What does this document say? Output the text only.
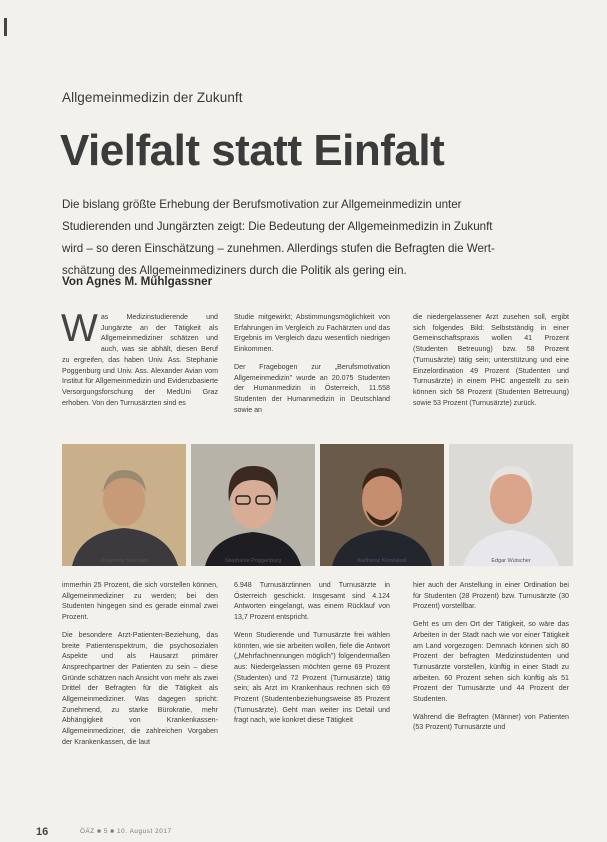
Allgemeinmedizin der Zukunft
Vielfalt statt Einfalt

Die bislang größte Erhebung der Berufsmotivation zur Allgemeinmedizin unter

Studierenden und Jungärzten zeigt: Die Bedeutung der Allgemeinmedizin in Zukunft

wird – so deren Einschätzung – zunehmen. Allerdings stufen die Befragten die Wert-

schätzung des Allgemeinmediziners durch die Politik als gering ein.

Von Agnes M. Mühlgassner

Was Medizinstudierende und Jungärzte an der Tätigkeit als Allgemeinmediziner schätzen und auch, was sie abhält, diesen Beruf zu ergreifen, das haben Univ. Ass. Stephanie Poggenburg und Univ. Ass. Alexander Avian vom Institut für Allgemeinmedizin und Evidenzbasierte Versorgungsforschung der MedUni Graz erhoben. Von den Turnusärzten sind es

Studie mitgewirkt; Abstimmungsmöglichkeit von Erfahrungen im Vergleich zu Fachärzten und das Ergebnis im Vergleich dazu wesentlich niedrigen Einkommen.

Der Fragebogen zur „Berufsmotivation Allgemeinmedizin" wurde an 20.075 Studenten der Humanmedizin in Österreich, 11.558 Studenten der Humanmedizin in Deutschland sowie an

die niedergelassener Arzt zusehen soll, ergibt sich folgendes Bild: Selbstständig in einer Gemeinschaftspraxis wollen 41 Prozent (Studenten Betreuung) bzw. 58 Prozent (Turnusärzte) tätig sein; unterstützung und eine Einzelordination 49 Prozent (Studenten und Turnusärzte) in einem PHC angestellt zu sein können sich 58 Prozent (Studenten Betreuung) sowie 53 Prozent (Turnusärzte) zurück.

Johannes Steinhart	Stephanie Poggenburg	Karlheinz Kornhäusl	Edgar Wutscher

immerhin 25 Prozent, die sich vorstellen können, Allgemeinmediziner zu werden; bei den Studenten hingegen sind es gerade einmal zwei Prozent.

Die besondere Arzt-Patienten-Beziehung, das breite Patientenspektrum, die psychosozialen Aspekte und als Hausarzt primärer Ansprechpartner der Patienten zu sein – diese Gründe schätzen nach Ansicht von mehr als zwei Drittel der Befragten für die Tätigkeit als Allgemeinmediziner. Was dagegen spricht: Zunehmend, zu starke Bürokratie, mehr Abhängigkeit von Krankenkassen-Allgemeinmediziner, die zahlreichen Vorgaben der Krankenkassen, die laut

6.948 Turnusärztinnen und Turnusärzte in Österreich geschickt. Insgesamt sind 4.124 Antworten eingelangt, was einem Rücklauf von 13,7 Prozent entspricht.

Wenn Studierende und Turnusärzte frei wählen könnten, wie sie arbeiten wollen, fiele die Antwort („Mehrfachnennungen möglich") folgendermaßen aus: Niedergelassen möchten gerne 69 Prozent (Studenten) und 72 Prozent (Turnusärzte) tätig sein; als Arzt im Krankenhaus rechnen sich 69 Prozent (Studentenbeziehungsweise 85 Prozent (Turnusärzte). Geht man weiter ins Detail und fragt nach, wie konkret diese Tätigkeit

hier auch der Anstellung in einer Ordination bei für Studenten (28 Prozent) bzw. Turnusärzte (30 Prozent) vorstellbar.

Geht es um den Ort der Tätigkeit, so wäre das Arbeiten in der Stadt nach wie vor einer Tätigkeit am Land vorgezogen: Demnach können sich 80 Prozent der befragten Medizinstudenten und Turnusärzte vorstellen, künftig in einer Stadt zu arbeiten. 60 Prozent sehen sich künftig als 51 Prozent der Turnusärzte und 44 Prozent der Studenten.

Während die Befragten (Männer) von Patienten (53 Prozent) Turnusärzte und

16	ÖÄZ ■ 5 ■ 10. August 2017
